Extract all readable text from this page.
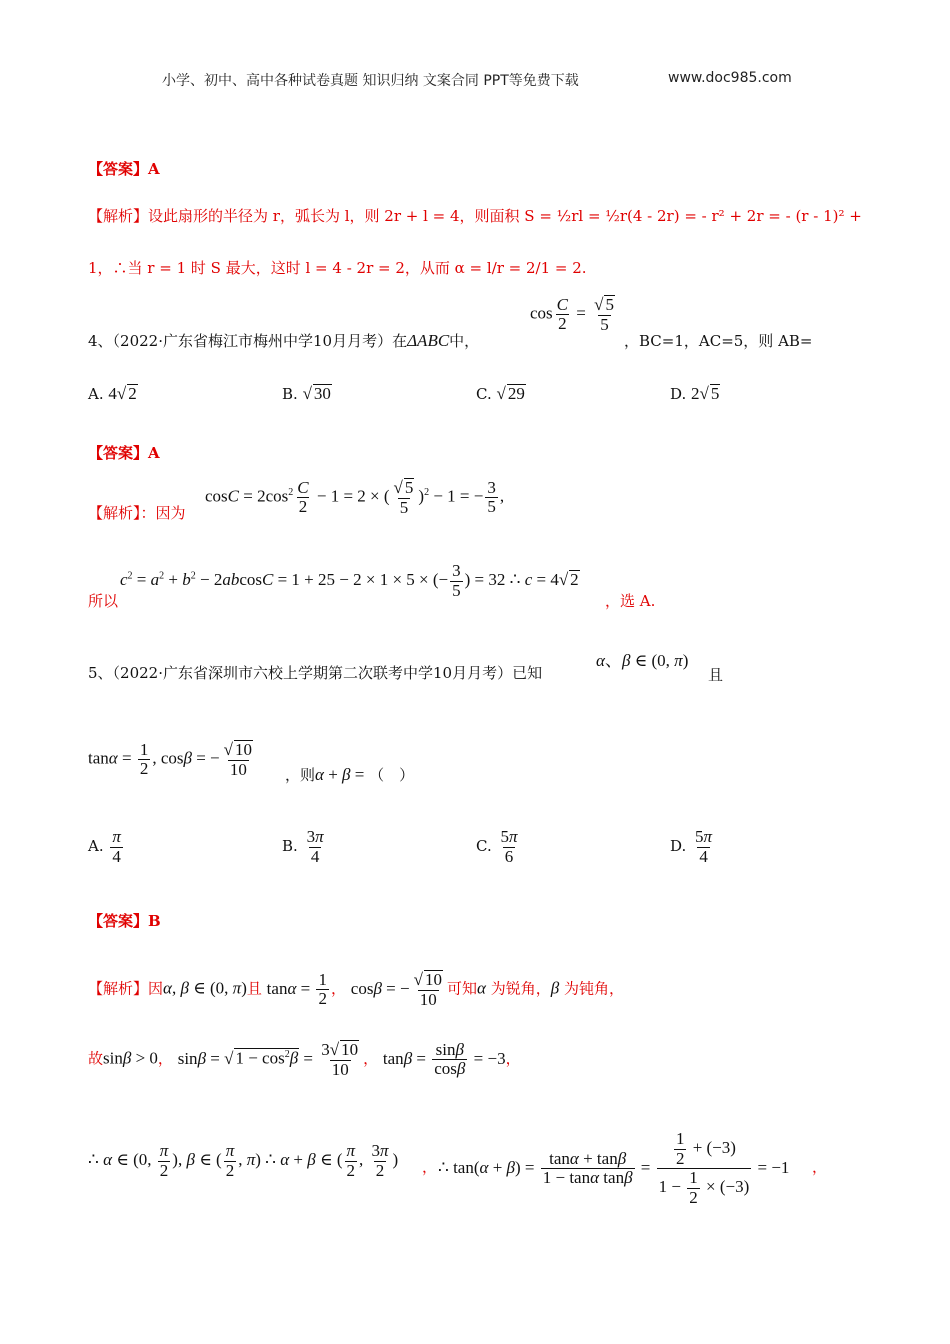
小学、初中、高中各种试卷真题 知识归纳 文案合同 PPT等免费下载	www.doc985.com
【答案】A
【解析】设此扇形的半径为 r，弧长为 l，则 2r + l = 4，则面积 S = ½rl = ½r(4 - 2r) = - r² + 2r = - (r - 1)² +
1，∴当 r = 1 时 S 最大，这时 l = 4 - 2r = 2，从而 α = l/r = 2/1 = 2.
4、（2022·广东省梅江市梅州中学10月月考）在ΔABC中，
$\cos \frac{C}{2} = \frac{√ 5}{5}$
，BC=1，AC=5，则 AB=
A. 4√ 2	B. √ 30	C. √ 29	D. 2√ 5
【答案】A
【解析】：因为
$\cos C = 2\cos^2 \frac{C}{2} - 1 = 2$ × ( $\frac{√ 5}{5} )^2 - 1$ = − $\frac{3}{5}$ ,
所以
$c^2 = a^2 + b^2 - 2abcosC = 1 + 25 - 2 \times 1 \times 5$ × (− $\frac{3}{5}$ ) = 32 ∴ c = 4√ 2
，选 A.
5、（2022·广东省深圳市六校上学期第二次联考中学10月月考）已知
α、β ∈ (0, π)
且
$\tan\alpha = \frac{1}{2}$ , cosβ = − $\frac{√ 10}{10}$ ，则α + β = （　）
A. $\frac{\pi}{4}$	B. $\frac{3\pi}{4}$	C. $\frac{5\pi}{6}$	D. $\frac{5\pi}{4}$
【答案】B
【解析】因α, β ∈ (0, π)且 $\tan\alpha = \frac{1}{2}$ ， cosβ = − $\frac{√ 10}{10}$ 可知α 为锐角，β 为钝角，
故sinβ > 0， sinβ = √ $1 - \cos^2\beta = \frac{3√ 10}{10}$ ， $\tan\beta = \frac{\sin\beta}{\cos\beta} = -3$，
∴ α ∈ (0, $\frac{\pi}{2}$ ), β ∈ ( $\frac{\pi}{2}$ , π) ∴ α + β ∈ ( $\frac{\pi}{2}$ , $\frac{3\pi}{2}$ ) ， ∴ $\tan(\alpha + \beta) = \frac{\tan\alpha + \tan\beta}{\text{1 − tanα tanβ}} = \frac{\frac{1}{2} + (-3)}{1 - \frac{1}{2} \times (-3)} = -1$ ，
